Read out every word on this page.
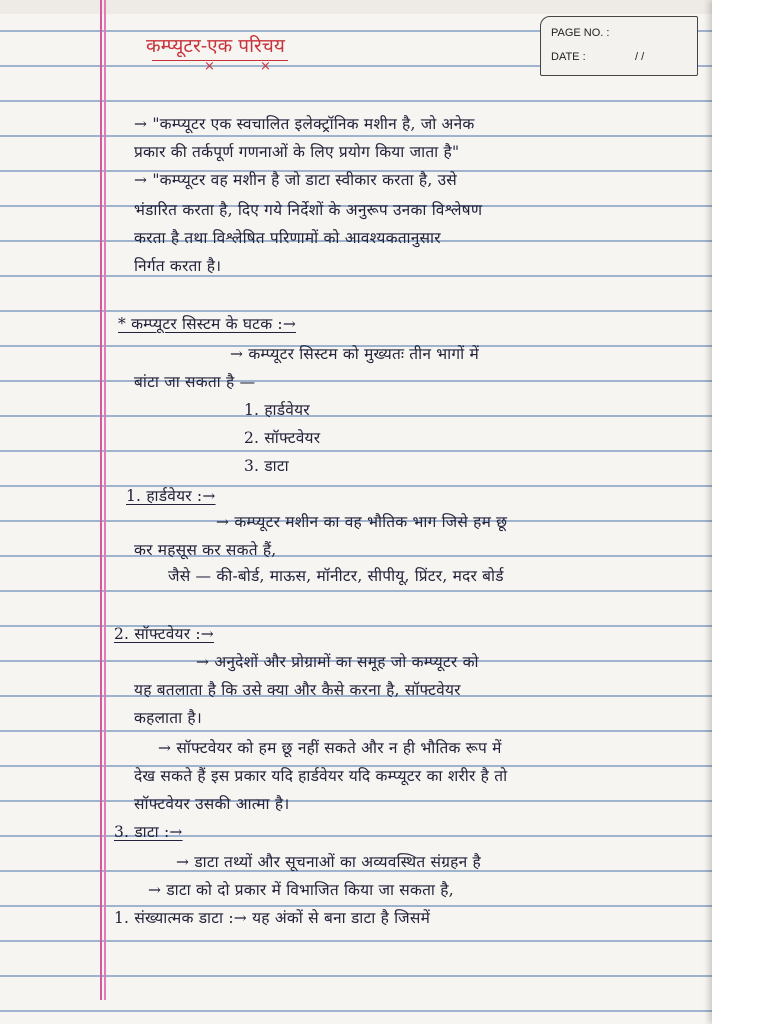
PAGE NO. :
DATE :	/ /
कम्प्यूटर-एक परिचय
×	×
→ "कम्प्यूटर एक स्वचालित इलेक्ट्रॉनिक मशीन है, जो अनेक
प्रकार की तर्कपूर्ण गणनाओं के लिए प्रयोग किया जाता है"
→ "कम्प्यूटर वह मशीन है जो डाटा स्वीकार करता है, उसे
भंडारित करता है, दिए गये निर्देशों के अनुरूप उनका विश्लेषण
करता है तथा विश्लेषित परिणामों को आवश्यकतानुसार
निर्गत करता है।
* कम्प्यूटर सिस्टम के घटक :→
→ कम्प्यूटर सिस्टम को मुख्यतः तीन भागों में
बांटा जा सकता है —
1. हार्डवेयर
2. सॉफ्टवेयर
3. डाटा
1. हार्डवेयर :→
→ कम्प्यूटर मशीन का वह भौतिक भाग जिसे हम छू
कर महसूस कर सकते हैं,
जैसे — की-बोर्ड, माऊस, मॉनीटर, सीपीयू, प्रिंटर, मदर बोर्ड
2. सॉफ्टवेयर :→
→ अनुदेशों और प्रोग्रामों का समूह जो कम्प्यूटर को
यह बतलाता है कि उसे क्या और कैसे करना है, सॉफ्टवेयर
कहलाता है।
→ सॉफ्टवेयर को हम छू नहीं सकते और न ही भौतिक रूप में
देख सकते हैं इस प्रकार यदि हार्डवेयर यदि कम्प्यूटर का शरीर है तो
सॉफ्टवेयर उसकी आत्मा है।
3. डाटा :→
→ डाटा तथ्यों और सूचनाओं का अव्यवस्थित संग्रहन है
→ डाटा को दो प्रकार में विभाजित किया जा सकता है,
1. संख्यात्मक डाटा :→ यह अंकों से बना डाटा है जिसमें
